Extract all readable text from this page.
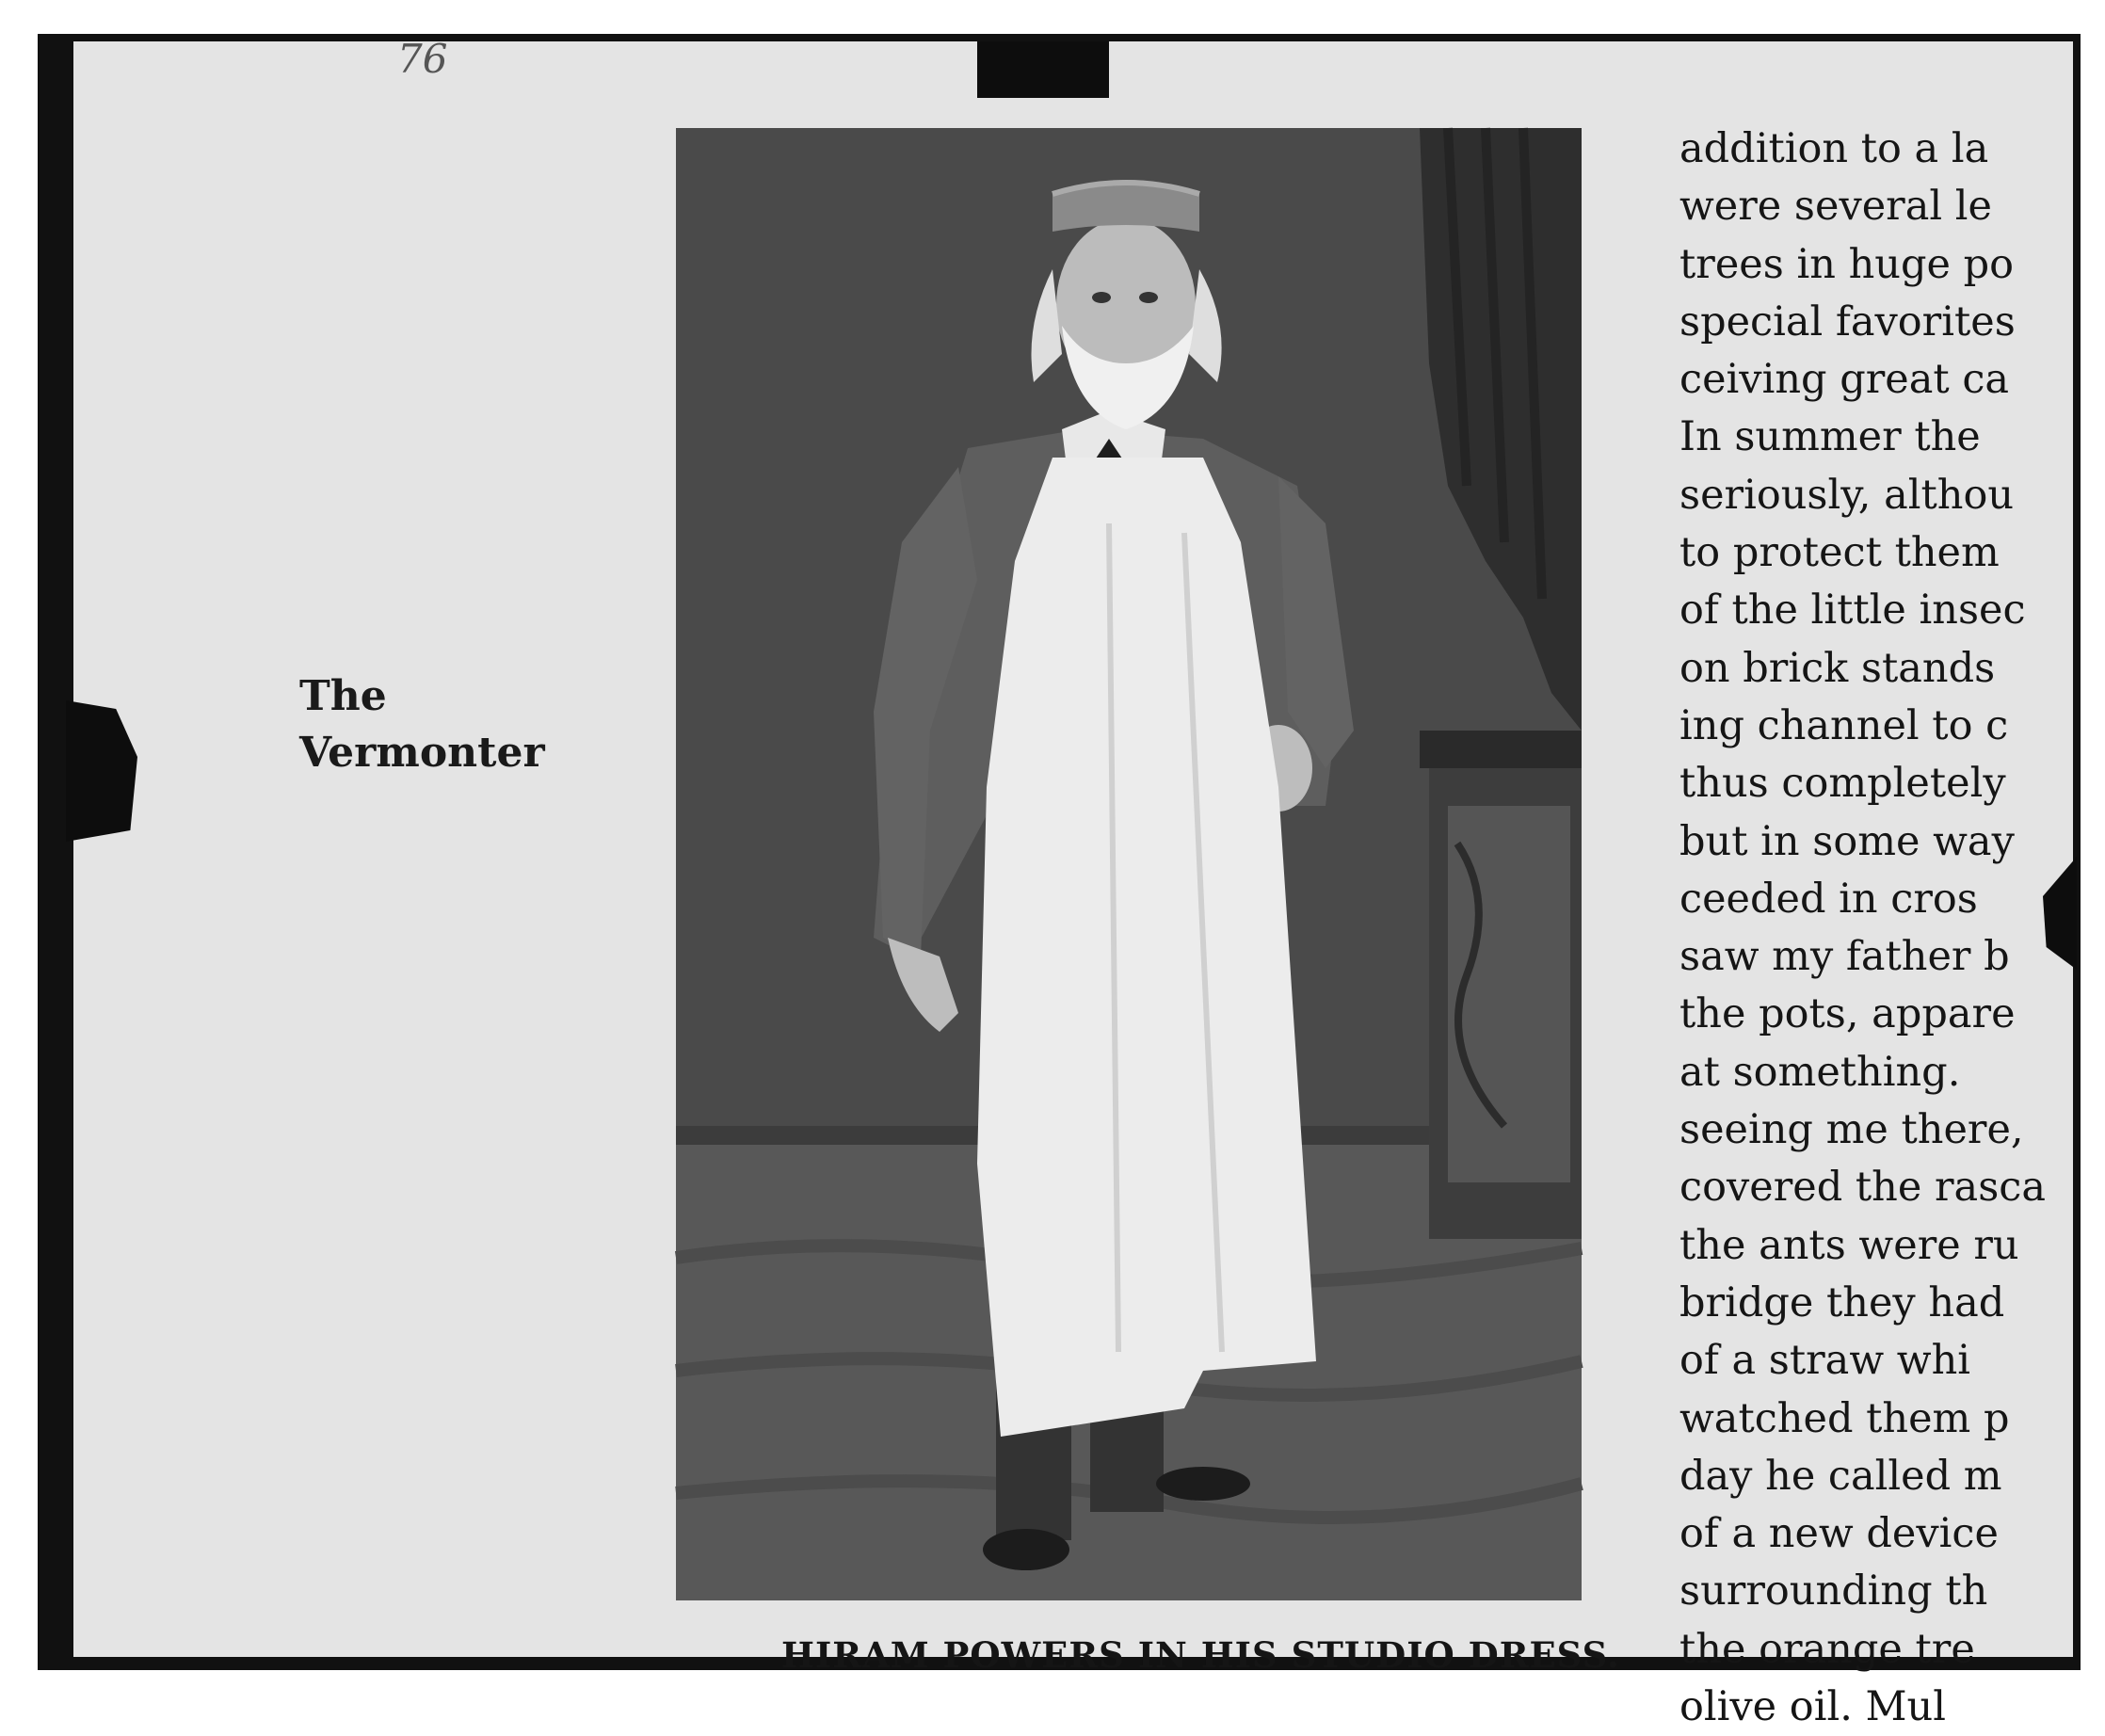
76
The
Vermonter
HIRAM POWERS IN HIS STUDIO DRESS.
addition to a la
were several le
trees in huge po
special favorites
ceiving great ca
In summer the
seriously, althou
to protect them
of the little insec
on brick stands
ing channel to c
thus completely
but in some way
ceeded in cros
saw my father b
the pots, appare
at something.
seeing me there,
covered the rasca
the ants were ru
bridge they had
of a straw whi
watched them p
day he called m
of a new device
surrounding th
the orange tre
olive oil. Mul
